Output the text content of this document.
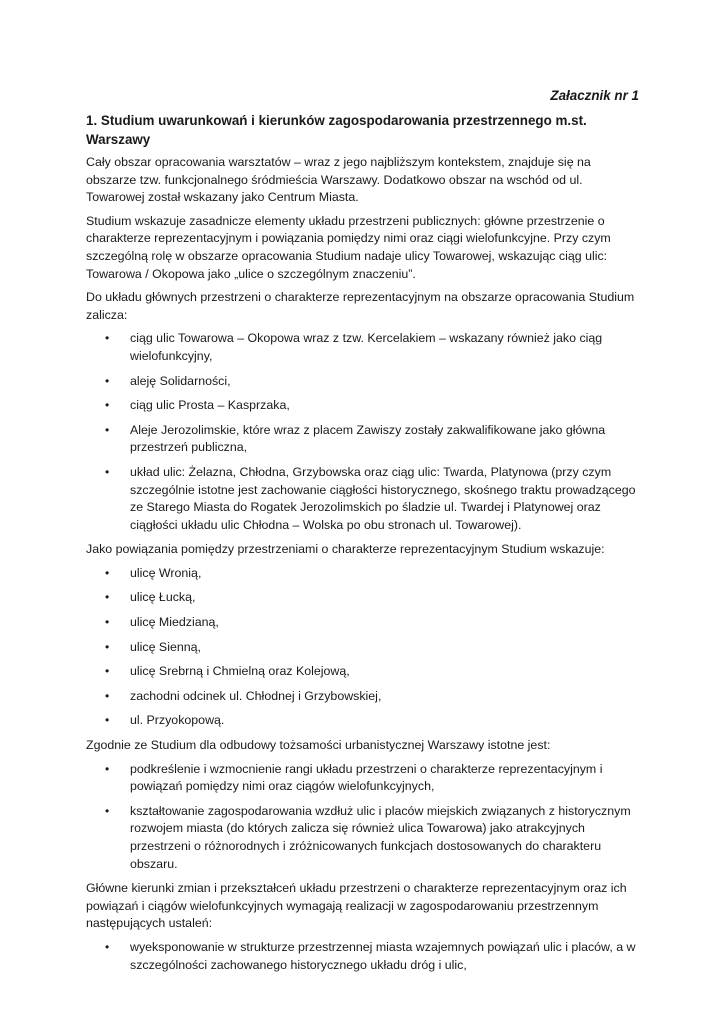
Załacznik nr 1

1. Studium uwarunkowań i kierunków zagospodarowania przestrzennego m.st. Warszawy

Cały obszar opracowania warsztatów – wraz z jego najbliższym kontekstem, znajduje się na obszarze tzw. funkcjonalnego śródmieścia Warszawy. Dodatkowo obszar na wschód od ul. Towarowej został wskazany jako Centrum Miasta.

Studium wskazuje zasadnicze elementy układu przestrzeni publicznych: główne przestrzenie o charakterze reprezentacyjnym i powiązania pomiędzy nimi oraz ciągi wielofunkcyjne. Przy czym szczególną rolę w obszarze opracowania Studium nadaje ulicy Towarowej, wskazując ciąg ulic: Towarowa / Okopowa jako „ulice o szczególnym znaczeniu”.

Do układu głównych przestrzeni o charakterze reprezentacyjnym na obszarze opracowania Studium zalicza:

• ciąg ulic Towarowa – Okopowa wraz z tzw. Kercelakiem – wskazany również jako ciąg wielofunkcyjny,
• aleję Solidarności,
• ciąg ulic Prosta – Kasprzaka,
• Aleje Jerozolimskie, które wraz z placem Zawiszy zostały zakwalifikowane jako główna przestrzeń publiczna,
• układ ulic: Żelazna, Chłodna, Grzybowska oraz ciąg ulic: Twarda, Platynowa (przy czym szczególnie istotne jest zachowanie ciągłości historycznego, skośnego traktu prowadzącego ze Starego Miasta do Rogatek Jerozolimskich po śladzie ul. Twardej i Platynowej oraz ciągłości układu ulic Chłodna – Wolska po obu stronach ul. Towarowej).

Jako powiązania pomiędzy przestrzeniami o charakterze reprezentacyjnym Studium wskazuje:

• ulicę Wronią,
• ulicę Łucką,
• ulicę Miedzianą,
• ulicę Sienną,
• ulicę Srebrną i Chmielną oraz Kolejową,
• zachodni odcinek ul. Chłodnej i Grzybowskiej,
• ul. Przyokopową.

Zgodnie ze Studium dla odbudowy tożsamości urbanistycznej Warszawy istotne jest:

• podkreślenie i wzmocnienie rangi układu przestrzeni o charakterze reprezentacyjnym i powiązań pomiędzy nimi oraz ciągów wielofunkcyjnych,
• kształtowanie zagospodarowania wzdłuż ulic i placów miejskich związanych z historycznym rozwojem miasta (do których zalicza się również ulica Towarowa) jako atrakcyjnych przestrzeni o różnorodnych i zróżnicowanych funkcjach dostosowanych do charakteru obszaru.

Główne kierunki zmian i przekształceń układu przestrzeni o charakterze reprezentacyjnym oraz ich powiązań i ciągów wielofunkcyjnych wymagają realizacji w zagospodarowaniu przestrzennym następujących ustaleń:

• wyeksponowanie w strukturze przestrzennej miasta wzajemnych powiązań ulic i placów, a w szczególności zachowanego historycznego układu dróg i ulic,
